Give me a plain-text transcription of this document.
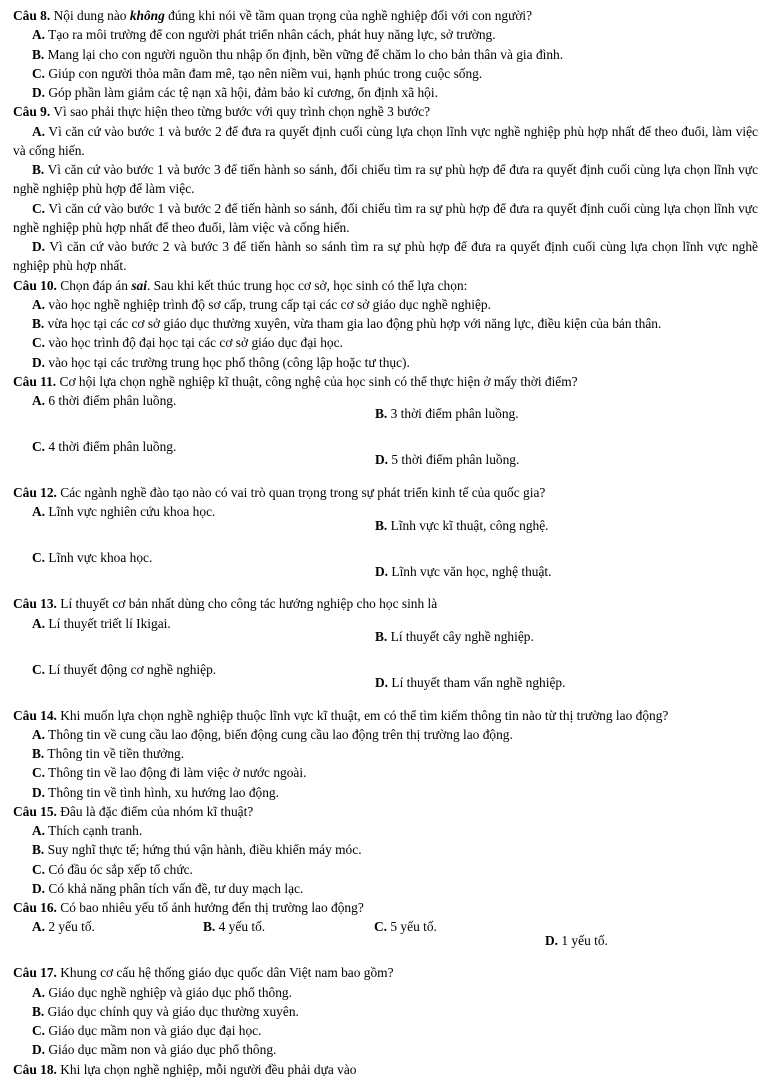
Câu 8. Nội dung nào không đúng khi nói về tầm quan trọng của nghề nghiệp đối với con người?

A. Tạo ra môi trường để con người phát triển nhân cách, phát huy năng lực, sở trường.

B. Mang lại cho con người nguồn thu nhập ổn định, bền vững để chăm lo cho bản thân và gia đình.

C. Giúp con người thỏa mãn đam mê, tạo nên niềm vui, hạnh phúc trong cuộc sống.

D. Góp phần làm giảm các tệ nạn xã hội, đảm bảo kỉ cương, ổn định xã hội.

Câu 9. Vì sao phải thực hiện theo từng bước với quy trình chọn nghề 3 bước?

A. Vì căn cứ vào bước 1 và bước 2 để đưa ra quyết định cuối cùng lựa chọn lĩnh vực nghề nghiệp phù hợp nhất để theo đuổi, làm việc và cống hiến.

B. Vì căn cứ vào bước 1 và bước 3 để tiến hành so sánh, đối chiếu tìm ra sự phù hợp để đưa ra quyết định cuối cùng lựa chọn lĩnh vực nghề nghiệp phù hợp để làm việc.

C. Vì căn cứ vào bước 1 và bước 2 để tiến hành so sánh, đối chiếu tìm ra sự phù hợp để đưa ra quyết định cuối cùng lựa chọn lĩnh vực nghề nghiệp phù hợp nhất để theo đuổi, làm việc và cống hiến.

D. Vì căn cứ vào bước 2 và bước 3 để tiến hành so sánh tìm ra sự phù hợp để đưa ra quyết định cuối cùng lựa chọn lĩnh vực nghề nghiệp phù hợp nhất.

Câu 10. Chọn đáp án sai. Sau khi kết thúc trung học cơ sở, học sinh có thể lựa chọn:

A. vào học nghề nghiệp trình độ sơ cấp, trung cấp tại các cơ sở giáo dục nghề nghiệp.

B. vừa học tại các cơ sở giáo dục thường xuyên, vừa tham gia lao động phù hợp với năng lực, điều kiện của bản thân.

C. vào học trình độ đại học tại các cơ sở giáo dục đại học.

D. vào học tại các trường trung học phổ thông (công lập hoặc tư thục).

Câu 11. Cơ hội lựa chọn nghề nghiệp kĩ thuật, công nghệ của học sinh có thể thực hiện ở mấy thời điểm?

A. 6 thời điểm phân luồng.

B. 3 thời điểm phân luồng.

C. 4 thời điểm phân luồng.

D. 5 thời điểm phân luồng.

Câu 12. Các ngành nghề đào tạo nào có vai trò quan trọng trong sự phát triển kinh tế của quốc gia?

A. Lĩnh vực nghiên cứu khoa học.

B. Lĩnh vực kĩ thuật, công nghệ.

C. Lĩnh vực khoa học.

D. Lĩnh vực văn học, nghệ thuật.

Câu 13. Lí thuyết cơ bản nhất dùng cho công tác hướng nghiệp cho học sinh là

A. Lí thuyết triết lí Ikigai.

B. Lí thuyết cây nghề nghiệp.

C. Lí thuyết động cơ nghề nghiệp.

D. Lí thuyết tham vấn nghề nghiệp.

Câu 14. Khi muốn lựa chọn nghề nghiệp thuộc lĩnh vực kĩ thuật, em có thể tìm kiếm thông tin nào từ thị trường lao động?

A. Thông tin về cung cầu lao động, biến động cung cầu lao động trên thị trường lao động.

B. Thông tin về tiền thưởng.

C. Thông tin về lao động đi làm việc ở nước ngoài.

D. Thông tin về tình hình, xu hướng lao động.

Câu 15. Đâu là đặc điểm của nhóm kĩ thuật?

A. Thích cạnh tranh.

B. Suy nghĩ thực tế; hứng thú vận hành, điều khiển máy móc.

C. Có đầu óc sắp xếp tổ chức.

D. Có khả năng phân tích vấn đề, tư duy mạch lạc.

Câu 16. Có bao nhiêu yếu tố ảnh hưởng đến thị trường lao động?

A. 2 yếu tố.	B. 4 yếu tố.	C. 5 yếu tố.

D. 1 yếu tố.

Câu 17. Khung cơ cấu hệ thống giáo dục quốc dân Việt nam bao gồm?

A. Giáo dục nghề nghiệp và giáo dục phổ thông.

B. Giáo dục chính quy và giáo dục thường xuyên.

C. Giáo dục mầm non và giáo dục đại học.

D. Giáo dục mầm non và giáo dục phổ thông.

Câu 18. Khi lựa chọn nghề nghiệp, mỗi người đều phải dựa vào
